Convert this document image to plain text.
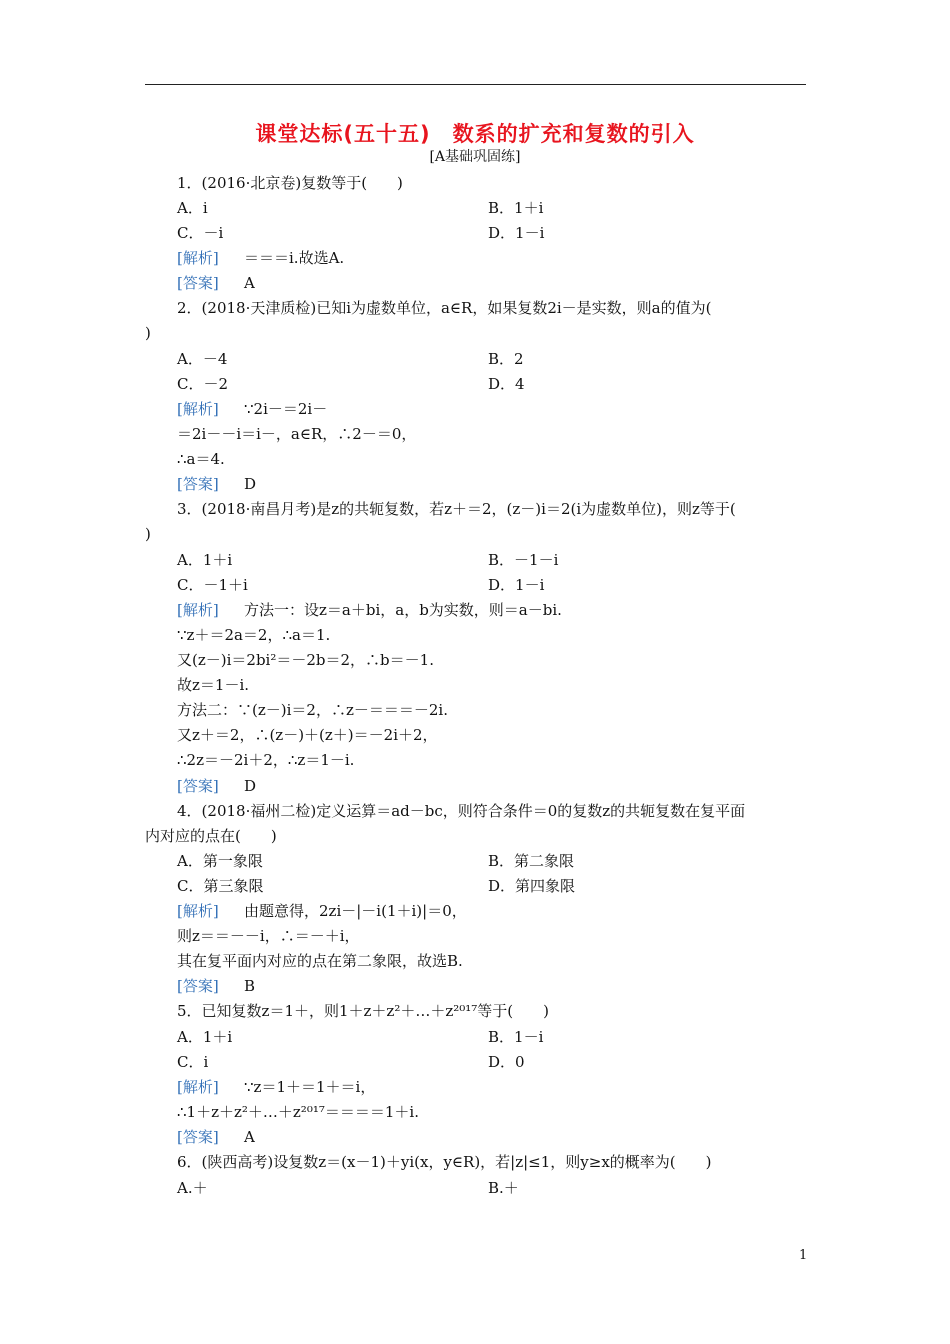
课堂达标(五十五)　数系的扩充和复数的引入
[A基础巩固练]
1．(2016·北京卷)复数等于(　　)
A．i	B．1＋i
C．－i	D．1－i
[解析] ＝＝＝i.故选A.
[答案] A
2．(2018·天津质检)已知i为虚数单位，a∈R，如果复数2i－是实数，则a的值为(
)
A．－4	B．2
C．－2	D．4
[解析] ∵2i－＝2i－
＝2i－－i＝i－，a∈R，∴2－＝0，
∴a＝4.
[答案] D
3．(2018·南昌月考)是z的共轭复数，若z＋＝2，(z－)i＝2(i为虚数单位)，则z等于(
)
A．1＋i	B．－1－i
C．－1＋i	D．1－i
[解析] 方法一：设z＝a＋bi，a，b为实数，则＝a－bi.
∵z＋＝2a＝2，∴a＝1.
又(z－)i＝2bi²＝－2b＝2，∴b＝－1.
故z＝1－i.
方法二：∵(z－)i＝2，∴z－＝＝＝－2i.
又z＋＝2，∴(z－)＋(z＋)＝－2i＋2，
∴2z＝－2i＋2，∴z＝1－i.
[答案] D
4．(2018·福州二检)定义运算＝ad－bc，则符合条件＝0的复数z的共轭复数在复平面
内对应的点在(　　)
A．第一象限	B．第二象限
C．第三象限	D．第四象限
[解析] 由题意得，2zi－|－i(1＋i)|＝0，
则z＝＝－－i，∴＝－＋i，
其在复平面内对应的点在第二象限，故选B.
[答案] B
5．已知复数z＝1＋，则1＋z＋z²＋…＋z²⁰¹⁷等于(　　)
A．1＋i	B．1－i
C．i	D．0
[解析] ∵z＝1＋＝1＋＝i，
∴1＋z＋z²＋…＋z²⁰¹⁷＝＝＝＝1＋i.
[答案] A
6．(陕西高考)设复数z＝(x－1)＋yi(x，y∈R)，若|z|≤1，则y≥x的概率为(　　)
A.＋	B.＋
1
